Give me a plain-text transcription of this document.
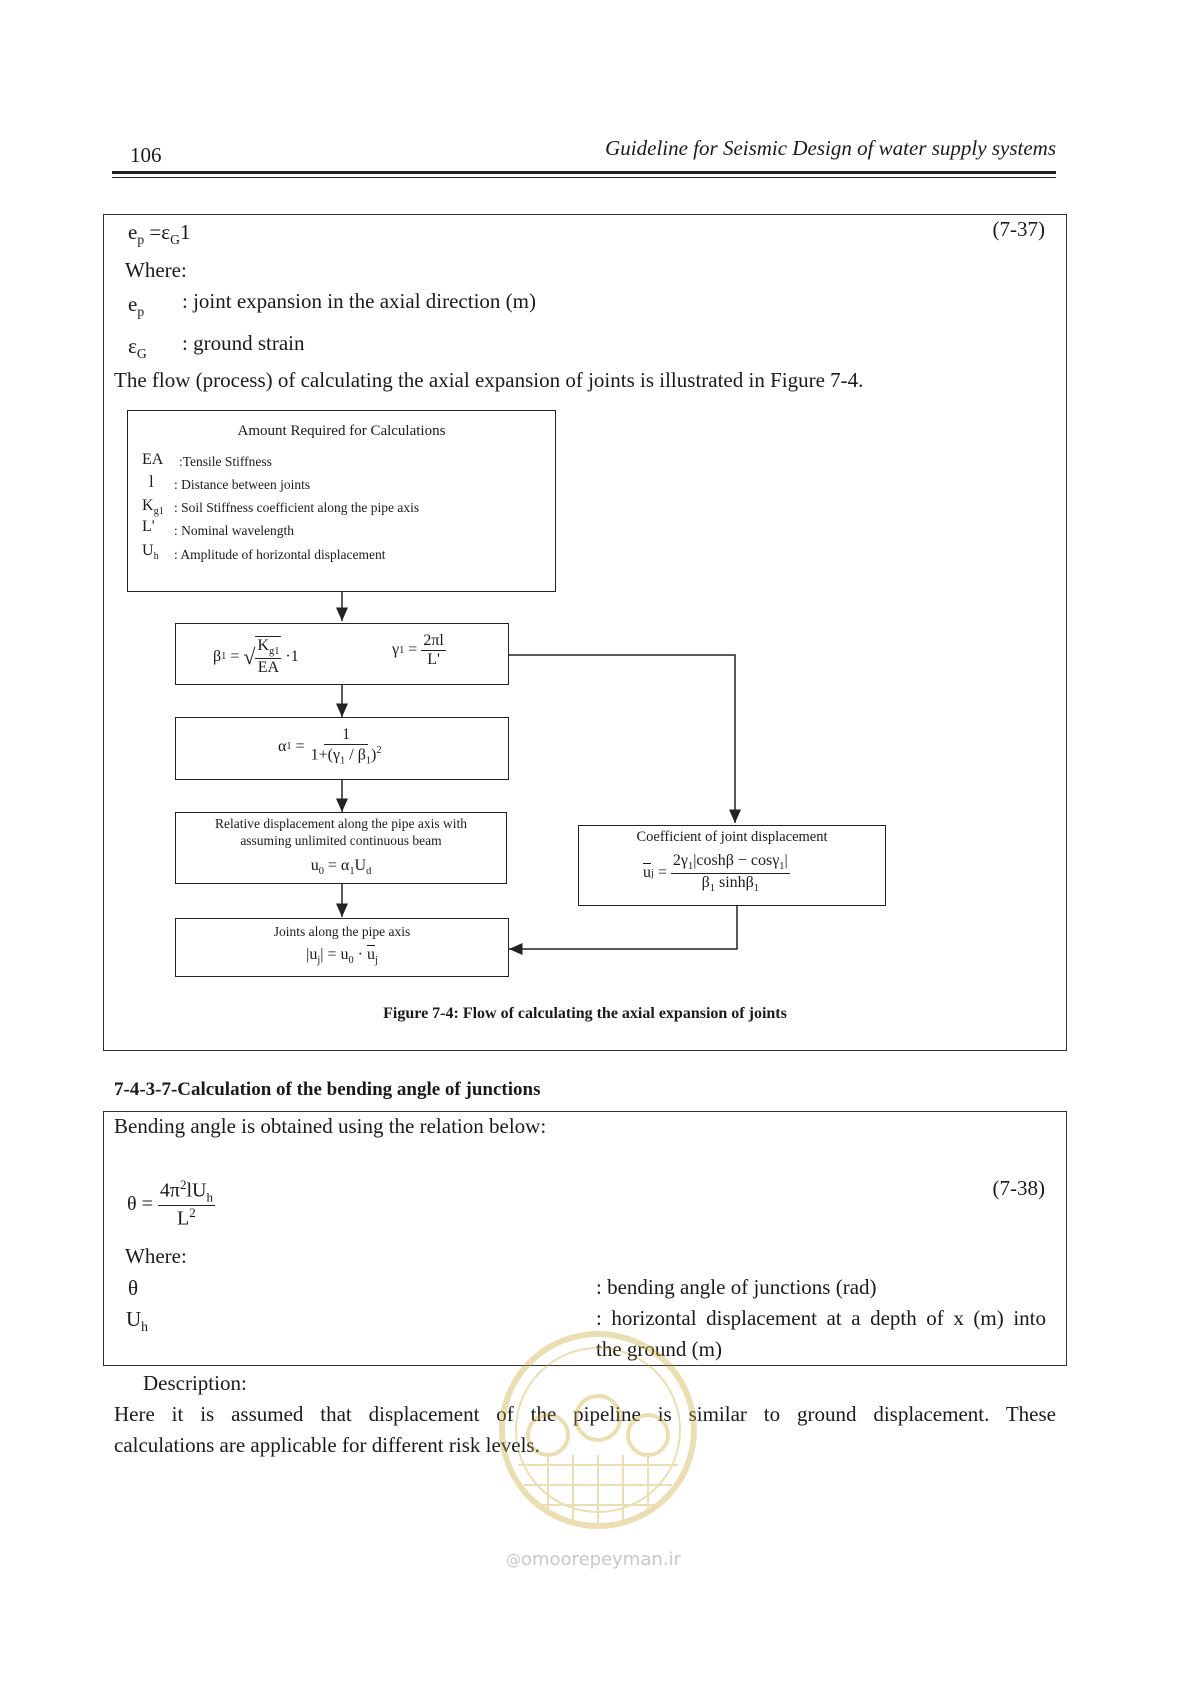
106	Guideline for Seismic Design of water supply systems
$e_p =\varepsilon_G1$	(7-37)
Where:
$e_p$ : joint expansion in the axial direction (m)
$\varepsilon_G$ : ground strain
The flow (process) of calculating the axial expansion of joints is illustrated in Figure 7-4.
Amount Required for Calculations
EA :Tensile Stiffness
l : Distance between joints
$K_{g1}$ : Soil Stiffness coefficient along the pipe axis
L' : Nominal wavelength
$U_h$ : Amplitude of horizontal displacement
β 1 = √ $\frac{K_{g1}}{EA} \cdot 1$	γ $1 = \frac{2\pi l}{L'}$
α $1 = \frac{1}{1+(\gamma_1 / \beta_1)^2}$
Relative displacement along the pipe axis with
assuming unlimited continuous beam
$u_0 = \alpha_1U_d$
Coefficient of joint displacement
$\overline{u}$ $j = \frac{2\gamma_1|\cosh\beta - \cos\gamma_1|}{\beta_1 \sinh\beta_1}$
Joints along the pipe axis
$|u_j| = u_0 \cdot \overline{u}_j$
Figure 7-4: Flow of calculating the axial expansion of joints
7-4-3-7-Calculation of the bending angle of junctions
Bending angle is obtained using the relation below:
$\theta = \frac{4\pi^2lU_h}{L^2}$	(7-38)
Where:
θ	: bending angle of junctions (rad)
$U_h$	: horizontal displacement at a depth of x (m) into
the ground (m)
Description:
Here it is assumed that displacement of the pipeline is similar to ground displacement. These
calculations are applicable for different risk levels.
@omoorepeyman.ir
